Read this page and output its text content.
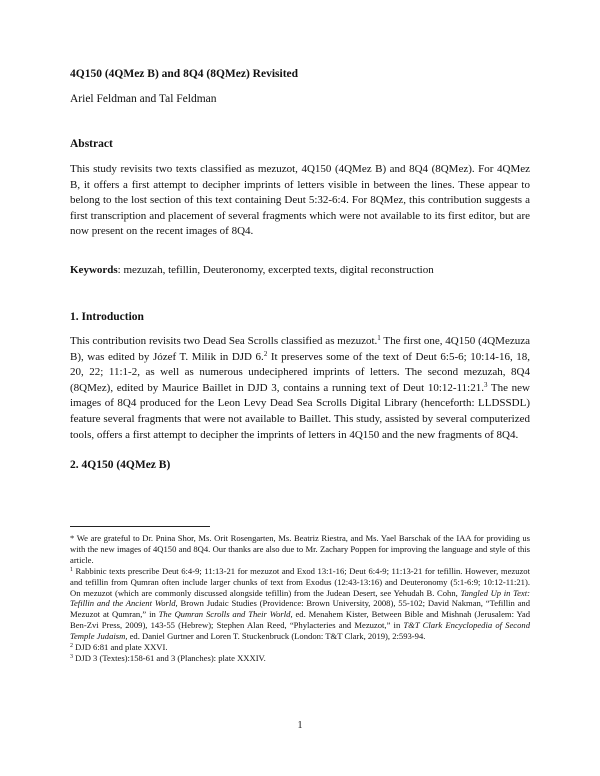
4Q150 (4QMez B) and 8Q4 (8QMez) Revisited
Ariel Feldman and Tal Feldman
Abstract

This study revisits two texts classified as mezuzot, 4Q150 (4QMez B) and 8Q4 (8QMez). For 4QMez B, it offers a first attempt to decipher imprints of letters visible in between the lines. These appear to belong to the lost section of this text containing Deut 5:32-6:4. For 8QMez, this contribution suggests a first transcription and placement of several fragments which were not available to its first editor, but are now present on the recent images of 8Q4.

Keywords: mezuzah, tefillin, Deuteronomy, excerpted texts, digital reconstruction
1. Introduction

This contribution revisits two Dead Sea Scrolls classified as mezuzot.$^1$ The first one, 4Q150 (4QMezuza B), was edited by Józef T. Milik in DJD 6.$^2$ It preserves some of the text of Deut 6:5-6; 10:14-16, 18, 20, 22; 11:1-2, as well as numerous undeciphered imprints of letters. The second mezuzah, 8Q4 (8QMez), edited by Maurice Baillet in DJD 3, contains a running text of Deut 10:12-11:21.$^3$ The new images of 8Q4 produced for the Leon Levy Dead Sea Scrolls Digital Library (henceforth: LLDSSDL) feature several fragments that were not available to Baillet. This study, assisted by several computerized tools, offers a first attempt to decipher the imprints of letters in 4Q150 and the new fragments of 8Q4.

2. 4Q150 (4QMez B)

* We are grateful to Dr. Pnina Shor, Ms. Orit Rosengarten, Ms. Beatriz Riestra, and Ms. Yael Barschak of the IAA for providing us with the new images of 4Q150 and 8Q4. Our thanks are also due to Mr. Zachary Poppen for improving the language and style of this article.

$^1$ Rabbinic texts prescribe Deut 6:4-9; 11:13-21 for mezuzot and Exod 13:1-16; Deut 6:4-9; 11:13-21 for tefillin. However, mezuzot and tefillin from Qumran often include larger chunks of text from Exodus (12:43-13:16) and Deuteronomy (5:1-6:9; 10:12-11:21). On mezuzot (which are commonly discussed alongside tefillin) from the Judean Desert, see Yehudah B. Cohn, Tangled Up in Text: Tefillin and the Ancient World, Brown Judaic Studies (Providence: Brown University, 2008), 55-102; David Nakman, “Tefillin and Mezuzot at Qumran,” in The Qumran Scrolls and Their World, ed. Menahem Kister, Between Bible and Mishnah (Jerusalem: Yad Ben-Zvi Press, 2009), 143-55 (Hebrew); Stephen Alan Reed, “Phylacteries and Mezuzot,” in T&T Clark Encyclopedia of Second Temple Judaism, ed. Daniel Gurtner and Loren T. Stuckenbruck (London: T&T Clark, 2019), 2:593-94.

$^2$ DJD 6:81 and plate XXVI.

$^3$ DJD 3 (Textes):158-61 and 3 (Planches): plate XXXIV.

1
